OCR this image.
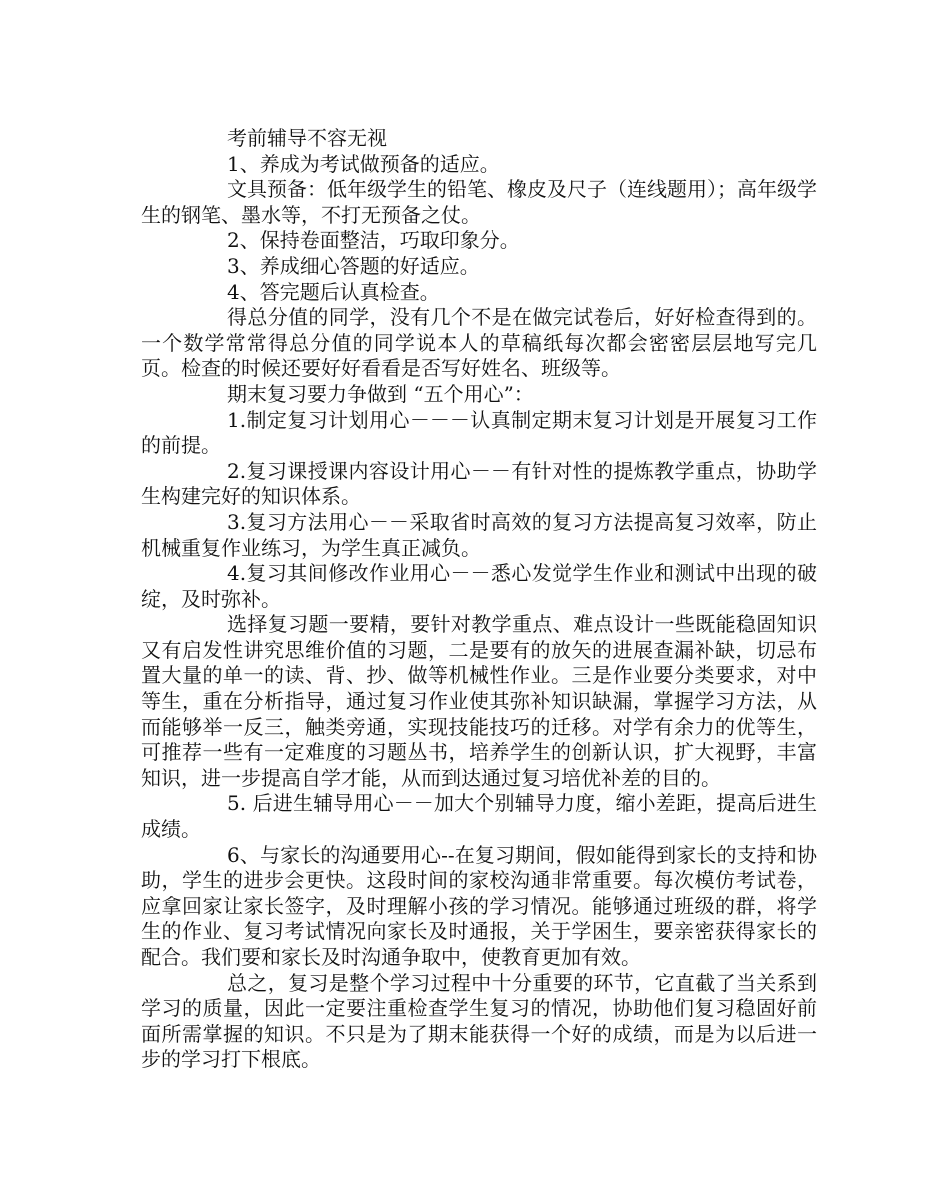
考前辅导不容无视

1、养成为考试做预备的适应。

文具预备：低年级学生的铅笔、橡皮及尺子（连线题用）；高年级学生的钢笔、墨水等，不打无预备之仗。

2、保持卷面整洁，巧取印象分。

3、养成细心答题的好适应。

4、答完题后认真检查。

得总分值的同学，没有几个不是在做完试卷后，好好检查得到的。一个数学常常得总分值的同学说本人的草稿纸每次都会密密层层地写完几页。检查的时候还要好好看看是否写好姓名、班级等。

期末复习要力争做到 “五个用心”：

1.制定复习计划用心－－－认真制定期末复习计划是开展复习工作的前提。

2.复习课授课内容设计用心－－有针对性的提炼教学重点，协助学生构建完好的知识体系。

3.复习方法用心－－采取省时高效的复习方法提高复习效率，防止机械重复作业练习，为学生真正减负。

4.复习其间修改作业用心－－悉心发觉学生作业和测试中出现的破绽，及时弥补。

选择复习题一要精，要针对教学重点、难点设计一些既能稳固知识又有启发性讲究思维价值的习题，二是要有的放矢的进展查漏补缺，切忌布置大量的单一的读、背、抄、做等机械性作业。三是作业要分类要求，对中等生，重在分析指导，通过复习作业使其弥补知识缺漏，掌握学习方法，从而能够举一反三，触类旁通，实现技能技巧的迁移。对学有余力的优等生，可推荐一些有一定难度的习题丛书，培养学生的创新认识，扩大视野，丰富知识，进一步提高自学才能，从而到达通过复习培优补差的目的。

5. 后进生辅导用心－－加大个别辅导力度，缩小差距，提高后进生成绩。

6、与家长的沟通要用心--在复习期间，假如能得到家长的支持和协助，学生的进步会更快。这段时间的家校沟通非常重要。每次模仿考试卷，应拿回家让家长签字，及时理解小孩的学习情况。能够通过班级的群，将学生的作业、复习考试情况向家长及时通报，关于学困生，要亲密获得家长的配合。我们要和家长及时沟通争取中，使教育更加有效。

总之，复习是整个学习过程中十分重要的环节，它直截了当关系到学习的质量，因此一定要注重检查学生复习的情况，协助他们复习稳固好前面所需掌握的知识。不只是为了期末能获得一个好的成绩，而是为以后进一步的学习打下根底。
